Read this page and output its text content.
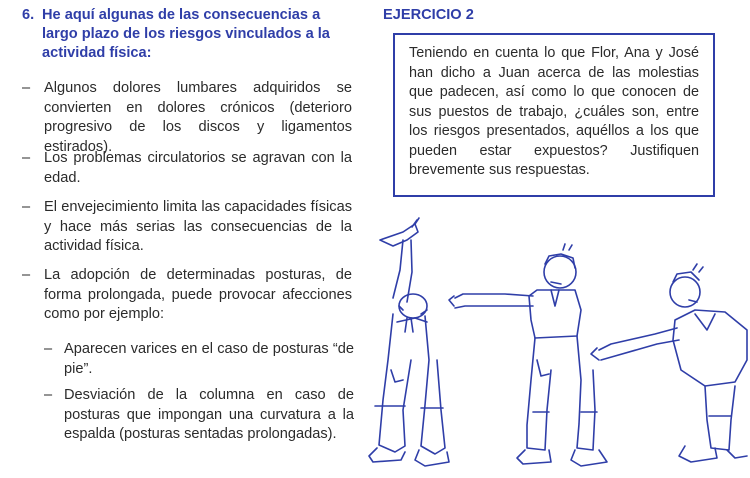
6. He aquí algunas de las consecuencias a largo plazo de los riesgos vinculados a la actividad física:
– Algunos dolores lumbares adquiridos se convierten en dolores crónicos (deterioro progresivo de los discos y ligamentos estirados).
– Los problemas circulatorios se agravan con la edad.
– El envejecimiento limita las capacidades físicas y hace más serias las consecuencias de la actividad física.
– La adopción de determinadas posturas, de forma prolongada, puede provocar afecciones como por ejemplo:
– Aparecen varices en el caso de posturas “de pie”.
– Desviación de la columna en caso de posturas que impongan una curvatura a la espalda (posturas sentadas prolongadas).
EJERCICIO 2
Teniendo en cuenta lo que Flor, Ana y José han dicho a Juan acerca de las molestias que padecen, así como lo que conocen de sus puestos de trabajo, ¿cuáles son, entre los riesgos presentados, aquéllos a los que pueden estar expuestos? Justifiquen brevemente sus respuestas.
